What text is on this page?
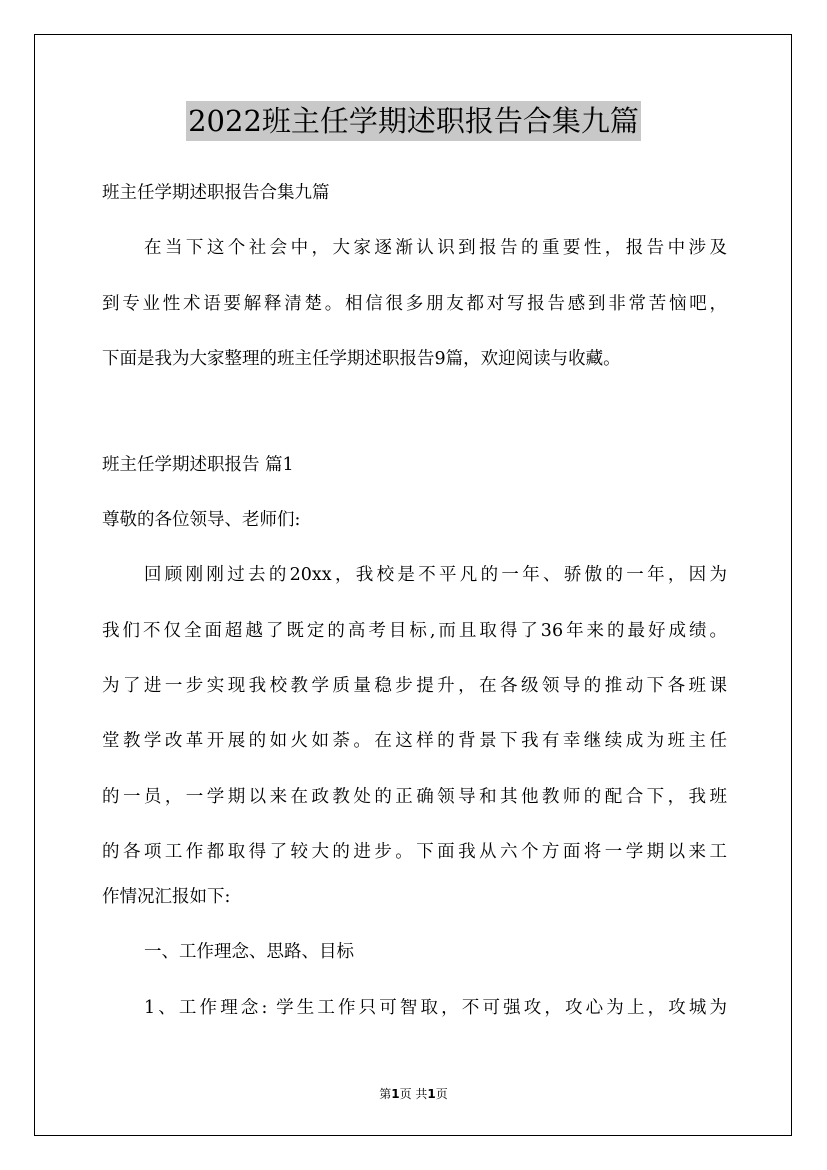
2022班主任学期述职报告合集九篇
班主任学期述职报告合集九篇
在当下这个社会中，大家逐渐认识到报告的重要性，报告中涉及
到专业性术语要解释清楚。相信很多朋友都对写报告感到非常苦恼吧，
下面是我为大家整理的班主任学期述职报告9篇，欢迎阅读与收藏。
班主任学期述职报告 篇1
尊敬的各位领导、老师们:
回顾刚刚过去的20xx，我校是不平凡的一年、骄傲的一年，因为
我们不仅全面超越了既定的高考目标,而且取得了36年来的最好成绩。
为了进一步实现我校教学质量稳步提升，在各级领导的推动下各班课
堂教学改革开展的如火如荼。在这样的背景下我有幸继续成为班主任
的一员，一学期以来在政教处的正确领导和其他教师的配合下，我班
的各项工作都取得了较大的进步。下面我从六个方面将一学期以来工
作情况汇报如下:
一、工作理念、思路、目标
1、工作理念: 学生工作只可智取，不可强攻，攻心为上，攻城为
第1页 共1页
